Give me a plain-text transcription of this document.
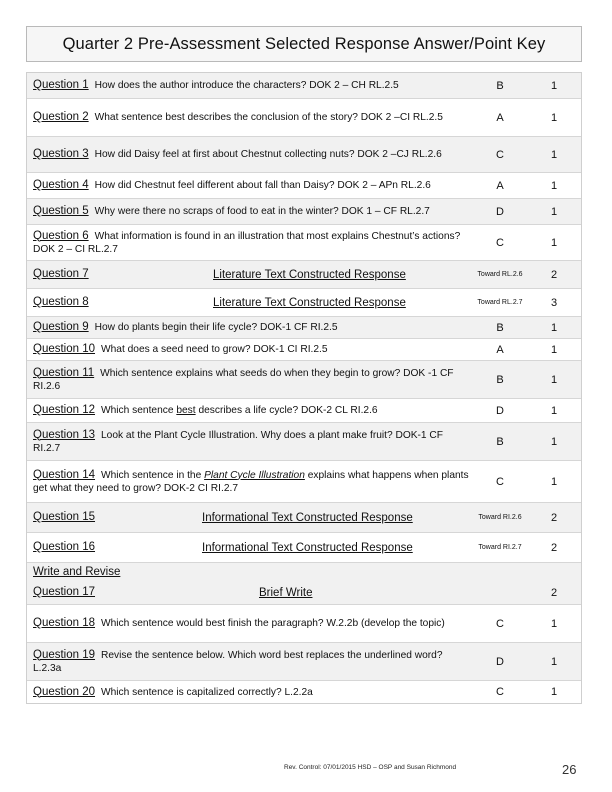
Quarter 2 Pre-Assessment Selected Response Answer/Point Key
Question 1 How does the author introduce the characters? DOK 2 – CH RL.2.5	B	1
Question 2 What sentence best describes the conclusion of the story? DOK 2 –CI RL.2.5	A	1
Question 3 How did Daisy feel at first about Chestnut collecting nuts? DOK 2 –CJ RL.2.6	C	1
Question 4 How did Chestnut feel different about fall than Daisy? DOK 2 – APn RL.2.6	A	1
Question 5 Why were there no scraps of food to eat in the winter? DOK 1 – CF RL.2.7	D	1
Question 6 What information is found in an illustration that most explains Chestnut’s actions? DOK 2 – CI RL.2.7
C	1
Question 7	Literature Text Constructed Response	Toward RL.2.6	2
Question 8	Literature Text Constructed Response	Toward RL.2.7	3
Question 9 How do plants begin their life cycle? DOK-1 CF RI.2.5	B	1
Question 10 What does a seed need to grow? DOK-1 CI RI.2.5	A	1
Question 11 Which sentence explains what seeds do when they begin to grow? DOK -1 CF RI.2.6
B	1
Question 12 Which sentence best describes a life cycle? DOK-2 CL RI.2.6	D	1
Question 13 Look at the Plant Cycle Illustration. Why does a plant make fruit? DOK-1 CF RI.2.7
B	1
Question 14 Which sentence in the Plant Cycle Illustration explains what happens when plants get what they need to grow? DOK-2 CI RI.2.7
C	1
Question 15	Informational Text Constructed Response	Toward RI.2.6	2
Question 16	Informational Text Constructed Response	Toward RI.2.7	2
Write and Revise
Question 17	Brief Write	2
Question 18 Which sentence would best finish the paragraph? W.2.2b (develop the topic)	C	1
Question 19 Revise the sentence below. Which word best replaces the underlined word? L.2.3a
D	1
Question 20 Which sentence is capitalized correctly? L.2.2a	C	1
Rev. Control: 07/01/2015 HSD – OSP and Susan Richmond	26
